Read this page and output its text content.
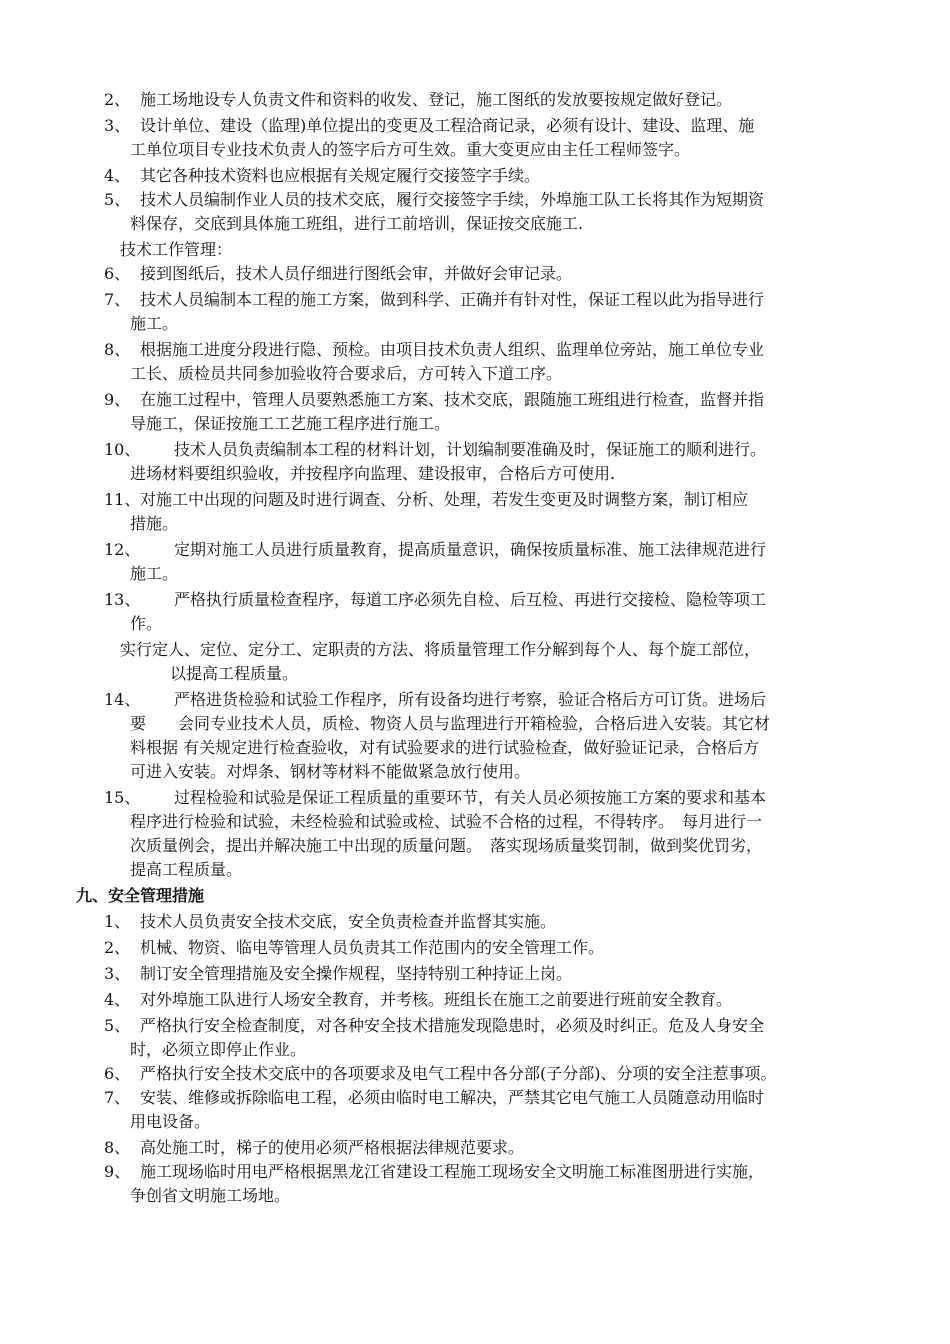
2、 施工场地设专人负责文件和资料的收发、登记，施工图纸的发放要按规定做好登记。
3、 设计单位、建设（监理)单位提出的变更及工程洽商记录，必须有设计、建设、监理、施
工单位项目专业技术负责人的签字后方可生效。重大变更应由主任工程师签字。
4、 其它各种技术资料也应根据有关规定履行交接签字手续。
5、 技术人员编制作业人员的技术交底，履行交接签字手续，外埠施工队工长将其作为短期资
料保存，交底到具体施工班组，进行工前培训，保证按交底施工.
技术工作管理：
6、 接到图纸后，技术人员仔细进行图纸会审，并做好会审记录。
7、 技术人员编制本工程的施工方案，做到科学、正确并有针对性，保证工程以此为指导进行
施工。
8、 根据施工进度分段进行隐、预检。由项目技术负责人组织、监理单位旁站，施工单位专业
工长、质检员共同参加验收符合要求后，方可转入下道工序。
9、 在施工过程中，管理人员要熟悉施工方案、技术交底，跟随施工班组进行检查，监督并指
导施工，保证按施工工艺施工程序进行施工。
10、 技术人员负责编制本工程的材料计划，计划编制要准确及时，保证施工的顺利进行。
进场材料要组织验收，并按程序向监理、建设报审，合格后方可使用.
11、 对施工中出现的问题及时进行调查、分析、处理，若发生变更及时调整方案，制订相应
措施。
12、 定期对施工人员进行质量教育，提高质量意识，确保按质量标准、施工法律规范进行
施工。
13、 严格执行质量检查程序，每道工序必须先自检、后互检、再进行交接检、隐检等项工
作。
实行定人、定位、定分工、定职责的方法、将质量管理工作分解到每个人、每个旋工部位，
以提高工程质量。
14、 严格进货检验和试验工作程序，所有设备均进行考察，验证合格后方可订货。进场后
要　　会同专业技术人员，质检、物资人员与监理进行开箱检验，合格后进入安装。其它材
料根据 有关规定进行检查验收，对有试验要求的进行试验检查，做好验证记录，合格后方
可进入安装。对焊条、钢材等材料不能做紧急放行使用。
15、 过程检验和试验是保证工程质量的重要环节，有关人员必须按施工方案的要求和基本
程序进行检验和试验，未经检验和试验或检、试验不合格的过程，不得转序。　每月进行一
次质量例会，提出并解决施工中出现的质量问题。　落实现场质量奖罚制，做到奖优罚劣，
提高工程质量。
九、安全管理措施
1、 技术人员负责安全技术交底，安全负责检查并监督其实施。
2、 机械、物资、临电等管理人员负责其工作范围内的安全管理工作。
3、 制订安全管理措施及安全操作规程，坚持特别工种持证上岗。
4、 对外埠施工队进行人场安全教育，并考核。班组长在施工之前要进行班前安全教育。
5、 严格执行安全检查制度，对各种安全技术措施发现隐患时，必须及时纠正。危及人身安全
时，必须立即停止作业。
6、 严格执行安全技术交底中的各项要求及电气工程中各分部(子分部)、分项的安全注惹事项。
7、 安装、维修或拆除临电工程，必须由临时电工解决，严禁其它电气施工人员随意动用临时
用电设备。
8、 高处施工时，梯子的使用必须严格根据法律规范要求。
9、 施工现场临时用电严格根据黑龙江省建设工程施工现场安全文明施工标准图册进行实施，
争创省文明施工场地。
